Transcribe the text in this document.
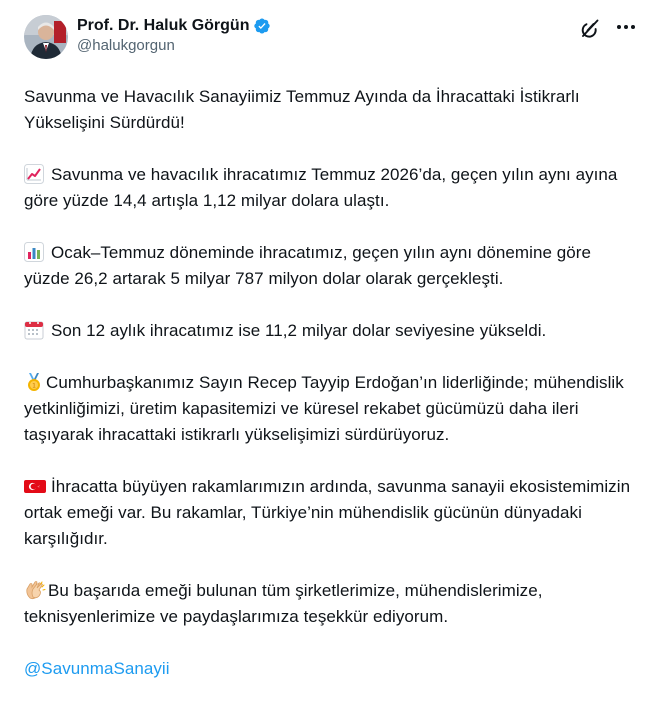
Prof. Dr. Haluk Görgün
@halukgorgun

Savunma ve Havacılık Sanayiimiz Temmuz Ayında da İhracattaki İstikrarlı Yükselişini Sürdürdü!

Savunma ve havacılık ihracatımız Temmuz 2026’da, geçen yılın aynı ayına göre yüzde 14,4 artışla 1,12 milyar dolara ulaştı.

Ocak–Temmuz döneminde ihracatımız, geçen yılın aynı dönemine göre yüzde 26,2 artarak 5 milyar 787 milyon dolar olarak gerçekleşti.

Son 12 aylık ihracatımız ise 11,2 milyar dolar seviyesine yükseldi.

1 Cumhurbaşkanımız Sayın Recep Tayyip Erdoğan’ın liderliğinde; mühendislik yetkinliğimizi, üretim kapasitemizi ve küresel rekabet gücümüzü daha ileri taşıyarak ihracattaki istikrarlı yükselişimizi sürdürüyoruz.

İhracatta büyüyen rakamlarımızın ardında, savunma sanayii ekosistemimizin ortak emeği var. Bu rakamlar, Türkiye’nin mühendislik gücünün dünyadaki karşılığıdır.

Bu başarıda emeği bulunan tüm şirketlerimize, mühendislerimize, teknisyenlerimize ve paydaşlarımıza teşekkür ediyorum.

@SavunmaSanayii
